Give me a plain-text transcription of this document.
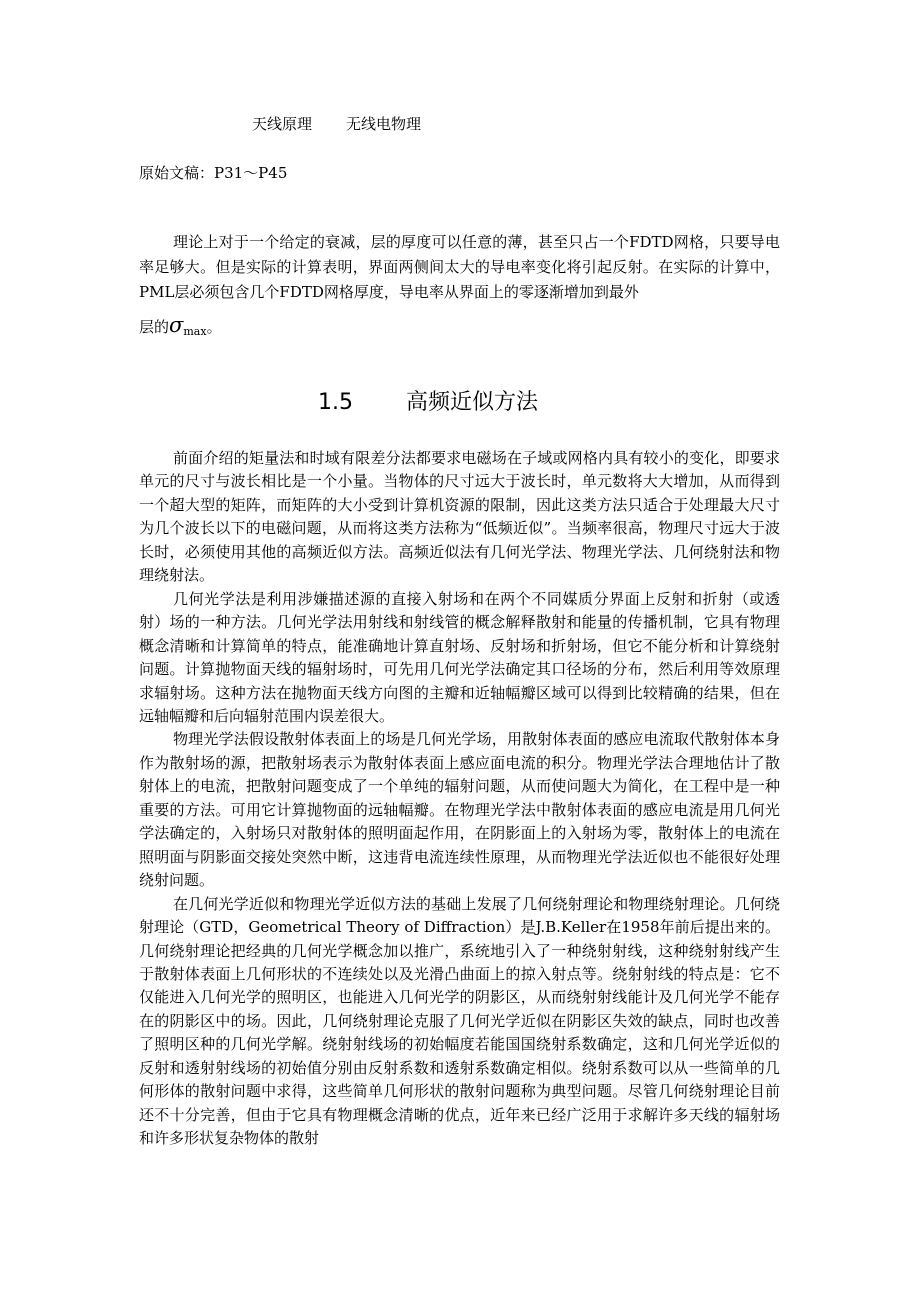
天线原理 无线电物理
原始文稿：P31～P45

理论上对于一个给定的衰减，层的厚度可以任意的薄，甚至只占一个FDTD网格，只要导电率足够大。但是实际的计算表明，界面两侧间太大的导电率变化将引起反射。在实际的计算中，PML层必须包含几个FDTD网格厚度，导电率从界面上的零逐渐增加到最外
层的$\sigma_{max}$。

1.5 高频近似方法

前面介绍的矩量法和时域有限差分法都要求电磁场在子域或网格内具有较小的变化，即要求单元的尺寸与波长相比是一个小量。当物体的尺寸远大于波长时，单元数将大大增加，从而得到一个超大型的矩阵，而矩阵的大小受到计算机资源的限制，因此这类方法只适合于处理最大尺寸为几个波长以下的电磁问题，从而将这类方法称为“低频近似”。当频率很高，物理尺寸远大于波长时，必须使用其他的高频近似方法。高频近似法有几何光学法、物理光学法、几何绕射法和物理绕射法。

几何光学法是利用涉嫌描述源的直接入射场和在两个不同媒质分界面上反射和折射（或透射）场的一种方法。几何光学法用射线和射线管的概念解释散射和能量的传播机制，它具有物理概念清晰和计算简单的特点，能准确地计算直射场、反射场和折射场，但它不能分析和计算绕射问题。计算抛物面天线的辐射场时，可先用几何光学法确定其口径场的分布，然后利用等效原理求辐射场。这种方法在抛物面天线方向图的主瓣和近轴幅瓣区域可以得到比较精确的结果，但在远轴幅瓣和后向辐射范围内误差很大。

物理光学法假设散射体表面上的场是几何光学场，用散射体表面的感应电流取代散射体本身作为散射场的源，把散射场表示为散射体表面上感应面电流的积分。物理光学法合理地估计了散射体上的电流，把散射问题变成了一个单纯的辐射问题，从而使问题大为简化，在工程中是一种重要的方法。可用它计算抛物面的远轴幅瓣。在物理光学法中散射体表面的感应电流是用几何光学法确定的，入射场只对散射体的照明面起作用，在阴影面上的入射场为零，散射体上的电流在照明面与阴影面交接处突然中断，这违背电流连续性原理，从而物理光学法近似也不能很好处理绕射问题。

在几何光学近似和物理光学近似方法的基础上发展了几何绕射理论和物理绕射理论。几何绕射理论（GTD，Geometrical Theory of Diffraction）是J.B.Keller在1958年前后提出来的。几何绕射理论把经典的几何光学概念加以推广，系统地引入了一种绕射射线，这种绕射射线产生于散射体表面上几何形状的不连续处以及光滑凸曲面上的掠入射点等。绕射射线的特点是：它不仅能进入几何光学的照明区，也能进入几何光学的阴影区，从而绕射射线能计及几何光学不能存在的阴影区中的场。因此，几何绕射理论克服了几何光学近似在阴影区失效的缺点，同时也改善了照明区种的几何光学解。绕射射线场的初始幅度若能国国绕射系数确定，这和几何光学近似的反射和透射射线场的初始值分别由反射系数和透射系数确定相似。绕射系数可以从一些简单的几何形体的散射问题中求得，这些简单几何形状的散射问题称为典型问题。尽管几何绕射理论目前还不十分完善，但由于它具有物理概念清晰的优点，近年来已经广泛用于求解许多天线的辐射场和许多形状复杂物体的散射
